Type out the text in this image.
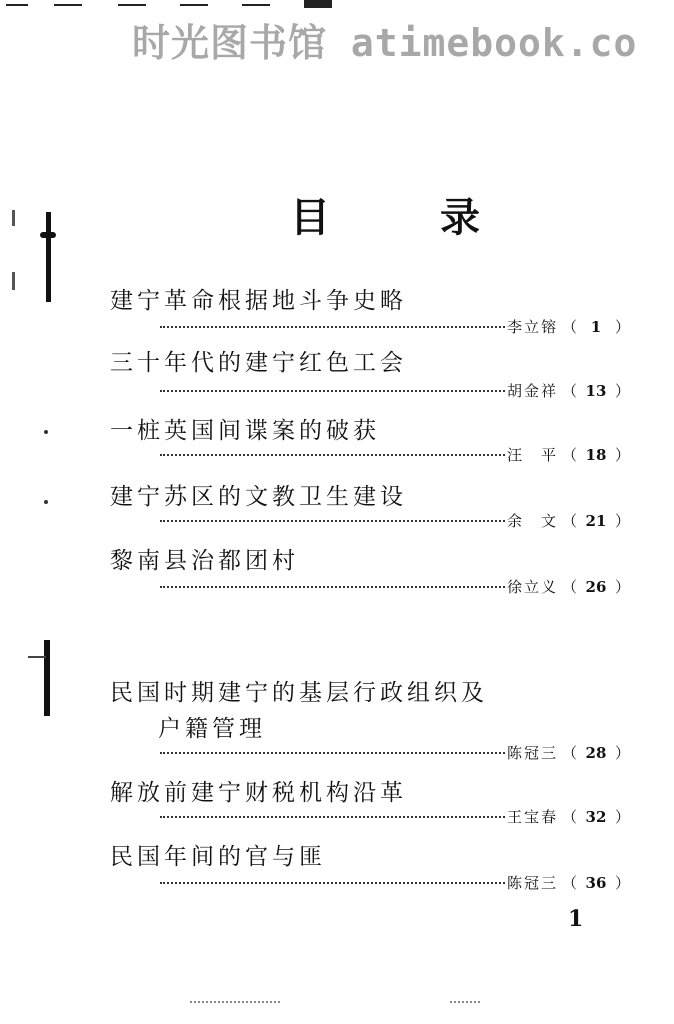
时光图书馆 atimebook.co
目	录
建宁革命根据地斗争史略
李立镕 （ 1 ）
三十年代的建宁红色工会
胡金祥 （ 13 ）
一桩英国间谍案的破获
汪　平 （ 18 ）
建宁苏区的文教卫生建设
余　文 （ 21 ）
黎南县治都团村
徐立义 （ 26 ）
民国时期建宁的基层行政组织及
户籍管理
陈冠三 （ 28 ）
解放前建宁财税机构沿革
王宝春 （ 32 ）
民国年间的官与匪
陈冠三 （ 36 ）
1
